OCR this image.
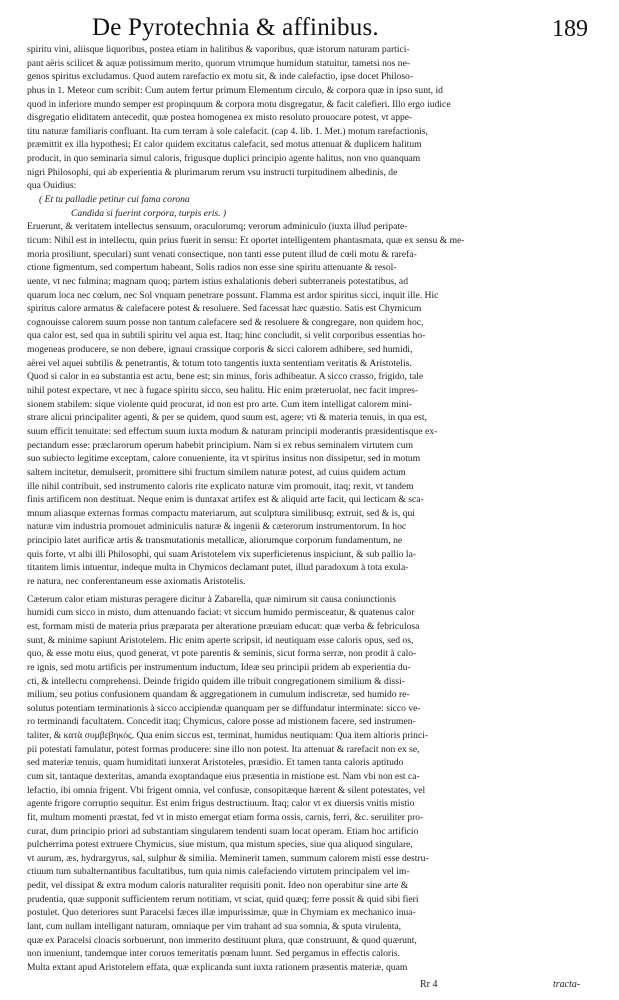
De Pyrotechnia & affinibus.	189
spiritu vini, aliisque liquoribus, postea etiam in halitibus & vaporibus, quæ istorum naturam partici-
pant aëris scilicet & aquæ potissimum merito, quorum vtrumque humidum statuitur, tametsi nos ne-
genos spiritus excludamus. Quod autem rarefactio ex motu sit, & inde calefactio, ipse docet Philoso-
phus in 1. Meteor cum scribit: Cum autem fertur primum Elementum circulo, & corpora quæ in ipso sunt, id
quod in inferiore mundo semper est propinquum & corpora motu disgregatur, & facit calefieri. Illo ergo iudice
disgregatio eliditatem antecedit, quæ postea homogenea ex misto resoluto prouocare potest, vt appe-
titu naturæ familiaris confluant. Ita cum terram à sole calefacit. (cap 4. lib. 1. Met.) motum rarefactionis,
præmittit ex illa hypothesi; Et calor quidem excitatus calefacit, sed motus attenuat & duplicem halitum
producit, in quo seminaria simul caloris, frigusque duplici principio agente halitus, non vno quanquam
nigri Philosophi, qui ab experientia & plurimarum rerum vsu instructi turpitudinem albedinis, de
qua Ouidius:
( Et tu palladie petitur cui fama corona
Candida si fuerint corpora, turpis eris. )
Eruerunt, & veritatem intellectus sensuum, oraculorumq; verorum adminiculo (iuxta illud peripate-
ticum: Nihil est in intellectu, quin prius fuerit in sensu: Et oportet intelligentem phantasmata, quæ ex sensu & me-
moria prosiliunt, speculari) sunt venati consectique, non tanti esse putent illud de cœli motu & rarefa-
ctione figmentum, sed compertum habeant, Solis radios non esse sine spiritu attenuante & resol-
uente, vt nec fulmina; magnam quoq; partem istius exhalationis deberi subterraneis potestatibus, ad
quarum loca nec cœlum, nec Sol vnquam penetrare possunt. Flamma est ardor spiritus sicci, inquit ille. Hic
spiritus calore armatus & calefacere potest & resoluere. Sed facessat hæc quæstio. Satis est Chymicum
cognouisse calorem suum posse non tantum calefacere sed & resoluere & congregare, non quidem hoc,
qua calor est, sed qua in subtili spiritu vel aqua est. Itaq; hinc concludit, si velit corporibus essentias ho-
mogeneas producere, se non debere, ignaui crassique corporis & sicci calorem adhibere, sed humidi,
aërei vel aquei subtilis & penetrantis, & totum toto tangentis iuxta sententiam veritatis & Aristotelis.
Quod si calor in ea substantia est actu, bene est; sin minus, foris adhibeatur. A sicco crasso, frigido, tale
nihil potest expectare, vt nec à fugace spiritu sicco, seu halitu. Hic enim præteruolat, nec facit impres-
sionem stabilem: sique violente quid procurat, id non est pro arte. Cum item intelligat calorem mini-
strare alicui principaliter agenti, & per se quidem, quod suum est, agere; vti & materia tenuis, in qua est,
suum efficit tenuitate: sed effectum suum iuxta modum & naturam principii moderantis præsidentisque ex-
pectandum esse: præclarorum operum habebit principium. Nam si ex rebus seminalem virtutem cum
suo subiecto legitime exceptam, calore conueniente, ita vt spiritus insitus non dissipetur, sed in motum
saltem incitetur, demulserit, promittere sibi fructum similem naturæ potest, ad cuius quidem actum
ille nihil contribuit, sed instrumento caloris rite explicato naturæ vim promouit, itaq; rexit, vt tandem
finis artificem non destituat. Neque enim is duntaxat artifex est & aliquid arte facit, qui lecticam & sca-
mnum aliasque externas formas compactu materiarum, aut sculptura similibusq; extruit, sed & is, qui
naturæ vim industria promouet adminiculis naturæ & ingenii & cæterorum instrumentorum. In hoc
principio latet aurificæ artis & transmutationis metallicæ, aliorumque corporum fundamentum, ne
quis forte, vt albi illi Philosophi, qui suam Aristotelem vix superficietenus inspiciunt, & sub pallio la-
titantem limis intuentur, indeque multa in Chymicos declamant putet, illud paradoxum à tota exula-
re natura, nec conferentaneum esse axiomatis Aristotelis.
Cæterum calor etiam misturas peragere dicitur à Zabarella, quæ nimirum sit causa coniunctionis
humidi cum sicco in misto, dum attenuando faciat: vt siccum humido permisceatur, & quatenus calor
est, formam misti de materia prius præparata per alteratione præuiam educat: quæ verba & febriculosa
sunt, & minime sapiunt Aristotelem. Hic enim aperte scripsit, id neutiquam esse caloris opus, sed os,
quo, & esse motu eius, quod generat, vt pote parentis & seminis, sicut forma serræ, non prodit à calo-
re ignis, sed motu artificis per instrumentum inductum, Ideæ seu principii pridem ab experientia du-
cti, & intellectu comprehensi. Deinde frigido quidem ille tribuit congregationem similium & dissi-
milium, seu potius confusionem quandam & aggregationem in cumulum indiscretæ, sed humido re-
solutus potentiam terminationis à sicco accipiendæ quanquam per se diffundatur interminate: sicco ve-
ro terminandi facultatem. Concedit itaq; Chymicus, calore posse ad mistionem facere, sed instrumen-
taliter, & κατὰ συμβεβηκός. Qua enim siccus est, terminat, humidus neutiquam: Qua item altioris princi-
pii potestati famulatur, potest formas producere: sine illo non potest. Ita attenuat & rarefacit non ex se,
sed materiæ tenuis, quam humiditati iunxerat Aristoteles, præsidio. Et tamen tanta caloris aptitudo
cum sit, tantaque dexteritas, amanda exoptandaque eius præsentia in mistione est. Nam vbi non est ca-
lefactio, ibi omnia frigent. Vbi frigent omnia, vel confusæ, consopitæque hærent & silent potestates, vel
agente frigore corruptio sequitur. Est enim frigus destructiuum. Itaq; calor vt ex diuersis vnitis mistio
fit, multum momenti præstat, fed vt in misto emergat etiam forma ossis, carnis, ferri, &c. seruiliter pro-
curat, dum principio priori ad substantiam singularem tendenti suam locat operam. Etiam hoc artificio
pulcherrima potest extruere Chymicus, siue mistum, qua mistum species, siue qua aliquod singulare,
vt aurum, æs, hydrargyrus, sal, sulphur & similia. Meminerit tamen, summum calorem misti esse destru-
ctiuum tum subalternantibus facultatibus, tum quia nimis calefaciendo virtutem principalem vel im-
pedit, vel dissipat & extra modum caloris naturaliter requisiti ponit. Ideo non operabitur sine arte &
prudentia, quæ supponit sufficientem rerum notitiam, vt sciat, quid quæq; ferre possit & quid sibi fieri
postulet. Quo deteriores sunt Paracelsi fæces illæ impurissimæ, quæ in Chymiam ex mechanico inua-
lant, cum nullam intelligant naturam, omniaque per vim trahant ad sua somnia, & sputa virulenta,
quæ ex Paracelsi cloacis sorbuerunt, non immerito destituunt plura, quæ construunt, & quod quærunt,
non inueniunt, tandemque inter coruos temeritatis pœnam luunt. Sed pergamus in effectis caloris.
Multa extant apud Aristotelem effata, quæ explicanda sunt iuxta rationem præsentis materiæ, quam
Rr 4	tracta-
